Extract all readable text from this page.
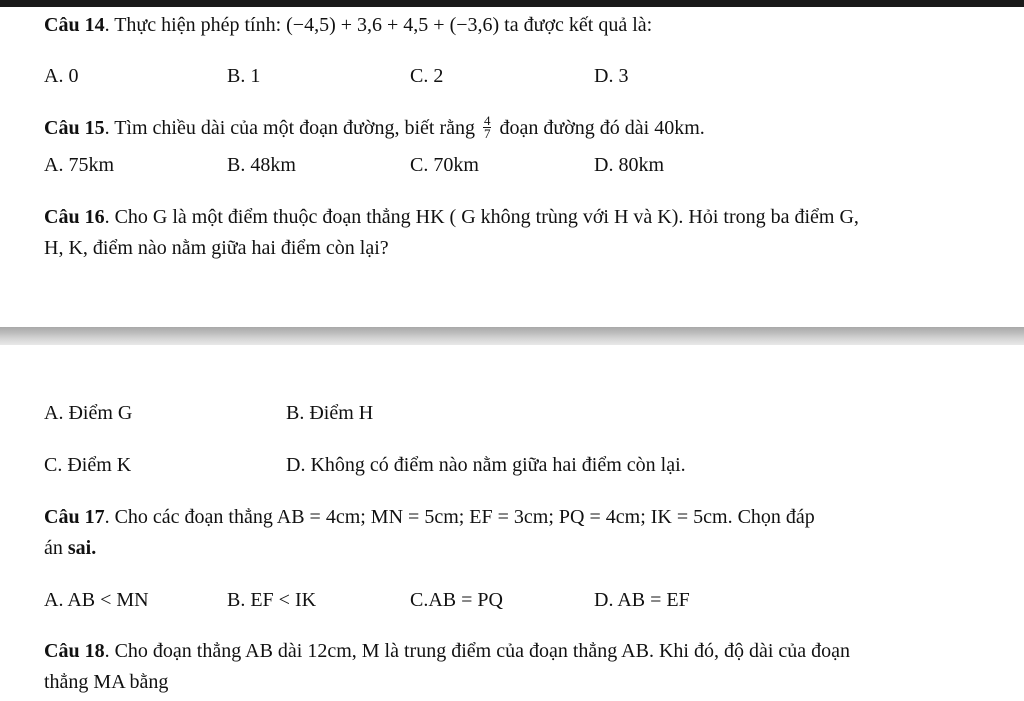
Câu 14. Thực hiện phép tính: (−4,5) + 3,6 + 4,5 + (−3,6) ta được kết quả là:
A. 0	B. 1	C. 2	D. 3
Câu 15. Tìm chiều dài của một đoạn đường, biết rằng $\frac{4}{7}$ đoạn đường đó dài 40km.
A. 75km	B. 48km	C. 70km	D. 80km
Câu 16. Cho G là một điểm thuộc đoạn thẳng HK ( G không trùng với H và K). Hỏi trong ba điểm G,
H, K, điểm nào nằm giữa hai điểm còn lại?
A. Điểm G	B. Điểm H
C. Điểm K	D. Không có điểm nào nằm giữa hai điểm còn lại.
Câu 17. Cho các đoạn thẳng AB = 4cm; MN = 5cm; EF = 3cm; PQ = 4cm; IK = 5cm. Chọn đáp
án sai.
A. AB < MN	B. EF < IK	C.AB = PQ	D. AB = EF
Câu 18. Cho đoạn thẳng AB dài 12cm, M là trung điểm của đoạn thẳng AB. Khi đó, độ dài của đoạn
thẳng MA bằng
